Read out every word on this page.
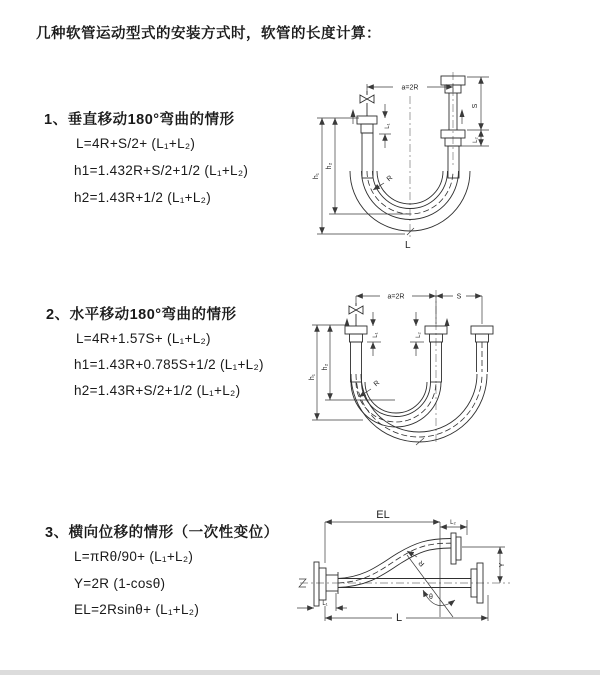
几种软管运动型式的安装方式时，软管的长度计算：
1、垂直移动180°弯曲的情形
L=4R+S/2+ (L₁+L₂)
h1=1.432R+S/2+1/2 (L₁+L₂)
h2=1.43R+1/2 (L₁+L₂)
2、水平移动180°弯曲的情形
L=4R+1.57S+ (L₁+L₂)
h1=1.43R+0.785S+1/2 (L₁+L₂)
h2=1.43R+S/2+1/2 (L₁+L₂)
3、横向位移的情形（一次性变位）
L=πRθ/90+ (L₁+L₂)
Y=2R (1-cosθ)
EL=2Rsinθ+ (L₁+L₂)
a=2R
R
h₁
h₂
L₁
S
L₂
L
a=2R	S
R
h₁
h₂
L₁	L₂
EL
L₂
Y
R
θ
L
L₁
